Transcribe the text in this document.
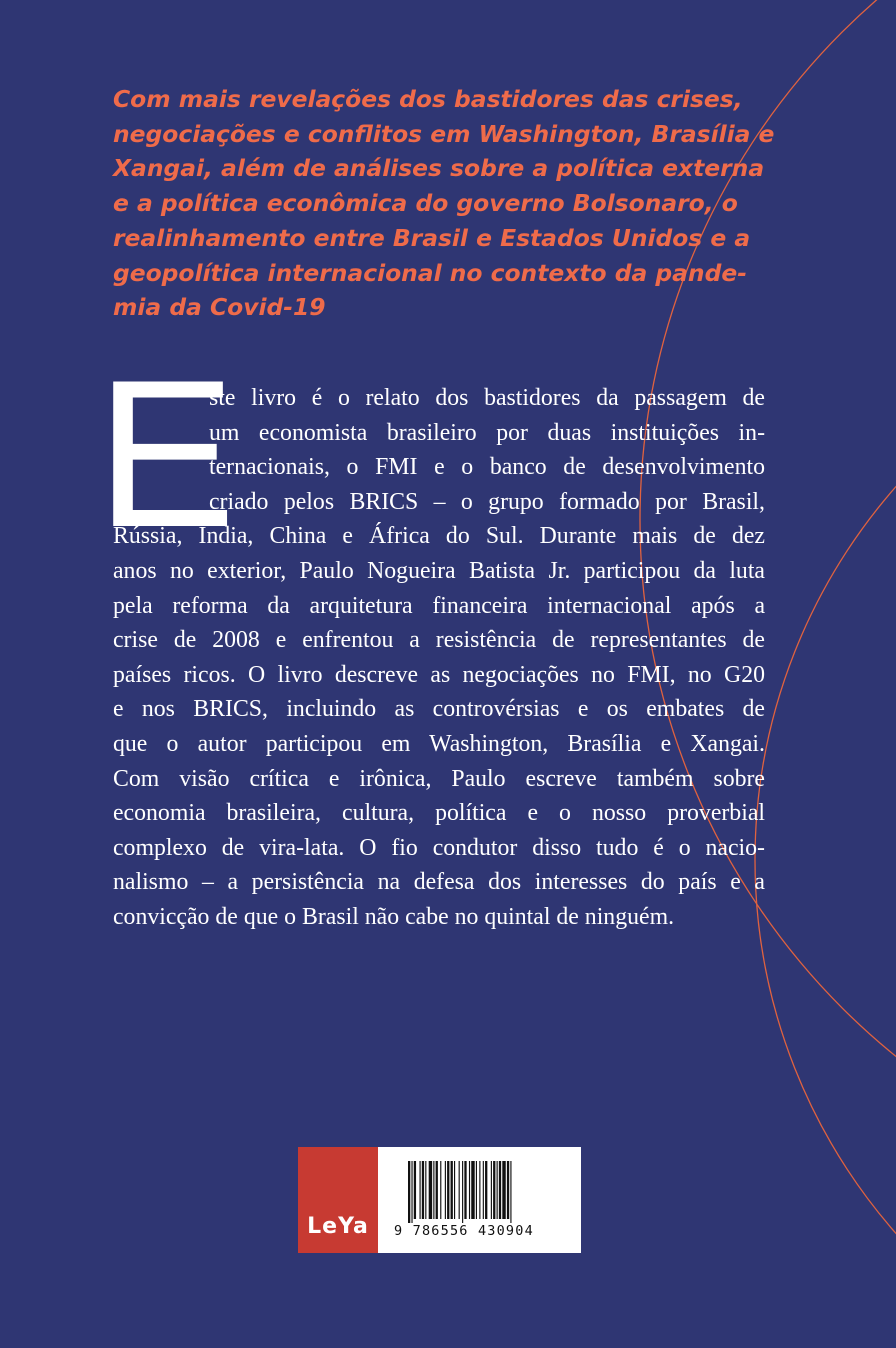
Com mais revelações dos bastidores das crises,
negociações e conflitos em Washington, Brasília e
Xangai, além de análises sobre a política externa
e a política econômica do governo Bolsonaro, o
realinhamento entre Brasil e Estados Unidos e a
geopolítica internacional no contexto da pande-
mia da Covid-19

E

ste livro é o relato dos bastidores da passagem de
um economista brasileiro por duas instituições in-
ternacionais, o FMI e o banco de desenvolvimento
criado pelos BRICS – o grupo formado por Brasil,
Rússia, Índia, China e África do Sul. Durante mais de dez
anos no exterior, Paulo Nogueira Batista Jr. participou da luta
pela reforma da arquitetura financeira internacional após a
crise de 2008 e enfrentou a resistência de representantes de
países ricos. O livro descreve as negociações no FMI, no G20
e nos BRICS, incluindo as controvérsias e os embates de
que o autor participou em Washington, Brasília e Xangai.
Com visão crítica e irônica, Paulo escreve também sobre
economia brasileira, cultura, política e o nosso proverbial
complexo de vira-lata. O fio condutor disso tudo é o nacio-
nalismo – a persistência na defesa dos interesses do país e a
convicção de que o Brasil não cabe no quintal de ninguém.

LeYa	9 786556 430904
